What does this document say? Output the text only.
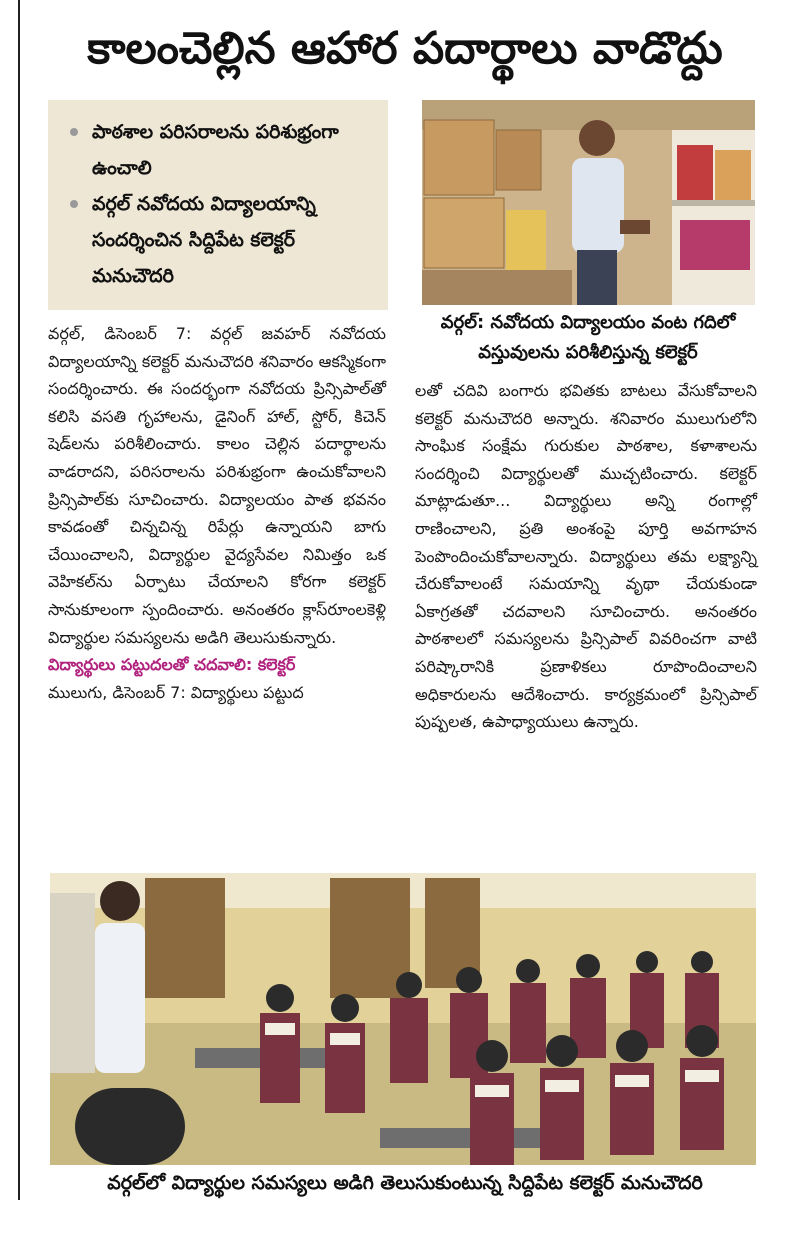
కాలంచెల్లిన ఆహార పదార్థాలు వాడొద్దు
పాఠశాల పరిసరాలను పరిశుభ్రంగా ఉంచాలి
వర్గల్ నవోదయ విద్యాలయాన్ని సందర్శించిన సిద్దిపేట కలెక్టర్ మనుచౌదరి
వర్గల్: నవోదయ విద్యాలయం వంట గదిలో వస్తువులను పరిశీలిస్తున్న కలెక్టర్

వర్గల్, డిసెంబర్ 7: వర్గల్ జవహర్ నవోదయ విద్యాలయాన్ని కలెక్టర్ మనుచౌదరి శనివారం ఆకస్మికంగా సందర్శించారు. ఈ సందర్భంగా నవోదయ ప్రిన్సిపాల్‌తో కలిసి వసతి గృహాలను, డైనింగ్ హాల్, స్టోర్, కిచెన్ షెడ్‌లను పరిశీలించారు. కాలం చెల్లిన పదార్థాలను వాడరాదని, పరిసరాలను పరిశుభ్రంగా ఉంచుకోవాలని ప్రిన్సిపాల్‌కు సూచించారు. విద్యాలయం పాత భవనం కావడంతో చిన్నచిన్న రిపేర్లు ఉన్నాయని బాగు చేయించాలని, విద్యార్థుల వైద్యసేవల నిమిత్తం ఒక వెహికల్‌ను ఏర్పాటు చేయాలని కోరగా కలెక్టర్ సానుకూలంగా స్పందించారు. అనంతరం క్లాస్‌రూంలకెళ్లి విద్యార్థుల సమస్యలను అడిగి తెలుసుకున్నారు.

విద్యార్థులు పట్టుదలతో చదవాలి: కలెక్టర్

ములుగు, డిసెంబర్ 7: విద్యార్థులు పట్టుద

లతో చదివి బంగారు భవితకు బాటలు వేసుకోవాలని కలెక్టర్ మనుచౌదరి అన్నారు. శనివారం ములుగులోని సాంఘిక సంక్షేమ గురుకుల పాఠశాల, కళాశాలను సందర్శించి విద్యార్థులతో ముచ్చటించారు. కలెక్టర్ మాట్లాడుతూ... విద్యార్థులు అన్ని రంగాల్లో రాణించాలని, ప్రతి అంశంపై పూర్తి అవగాహన పెంపొందించుకోవాలన్నారు. విద్యార్థులు తమ లక్ష్యాన్ని చేరుకోవాలంటే సమయాన్ని వృథా చేయకుండా ఏకాగ్రతతో చదవాలని సూచించారు. అనంతరం పాఠశాలలో సమస్యలను ప్రిన్సిపాల్ వివరించగా వాటి పరిష్కారానికి ప్రణాళికలు రూపొందించాలని అధికారులను ఆదేశించారు. కార్యక్రమంలో ప్రిన్సిపాల్ పుష్పలత, ఉపాధ్యాయులు ఉన్నారు.

వర్గల్‌లో విద్యార్థుల సమస్యలు అడిగి తెలుసుకుంటున్న సిద్దిపేట కలెక్టర్ మనుచౌదరి
